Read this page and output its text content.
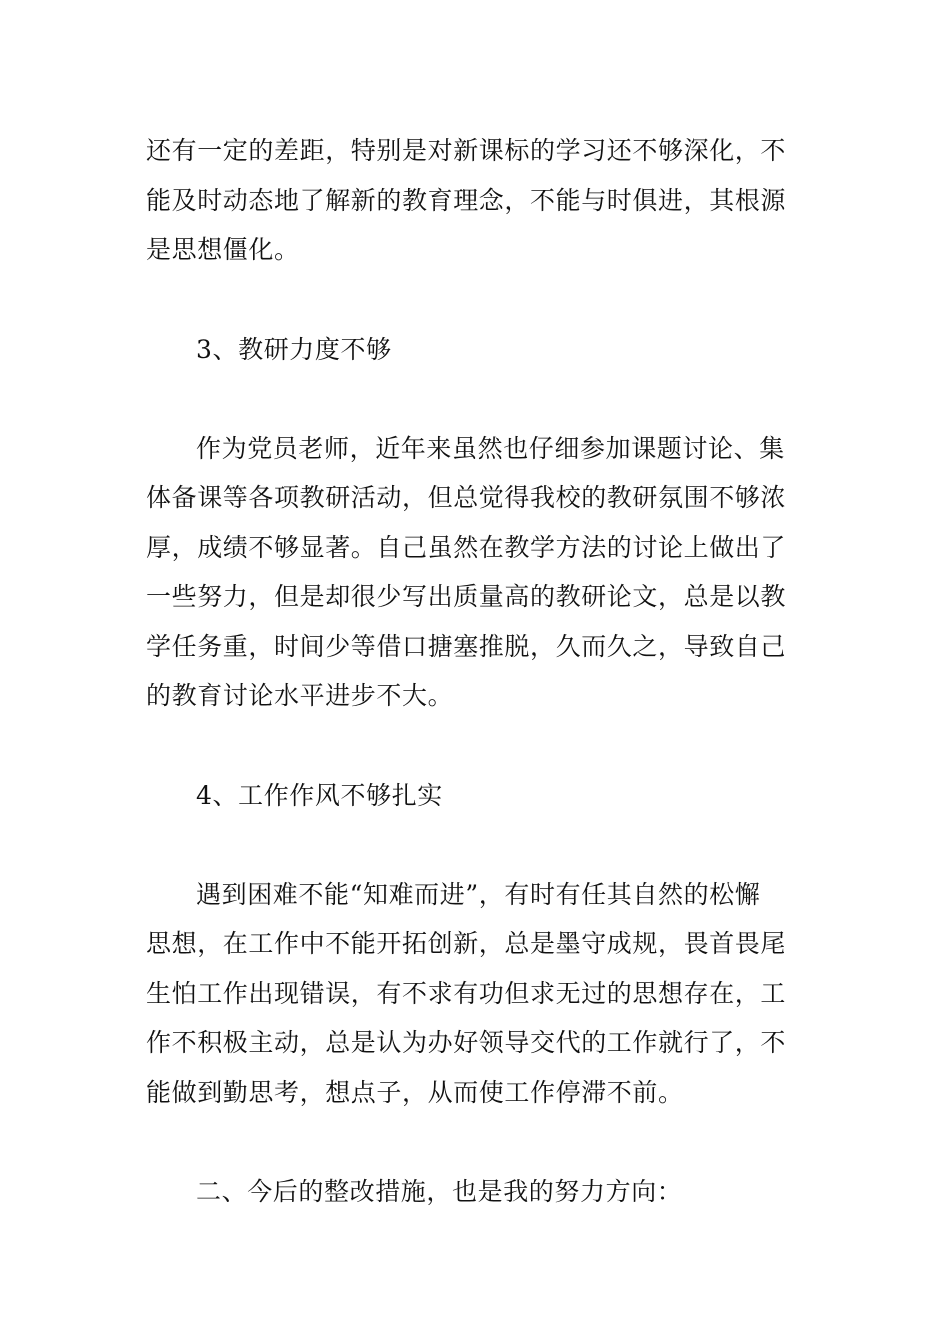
还有一定的差距，特别是对新课标的学习还不够深化，不
能及时动态地了解新的教育理念，不能与时俱进，其根源
是思想僵化。
3、教研力度不够
作为党员老师，近年来虽然也仔细参加课题讨论、集
体备课等各项教研活动，但总觉得我校的教研氛围不够浓
厚，成绩不够显著。自己虽然在教学方法的讨论上做出了
一些努力，但是却很少写出质量高的教研论文，总是以教
学任务重，时间少等借口搪塞推脱，久而久之，导致自己
的教育讨论水平进步不大。
4、工作作风不够扎实
遇到困难不能“知难而进”，有时有任其自然的松懈
思想，在工作中不能开拓创新，总是墨守成规，畏首畏尾
生怕工作出现错误，有不求有功但求无过的思想存在，工
作不积极主动，总是认为办好领导交代的工作就行了，不
能做到勤思考，想点子，从而使工作停滞不前。
二、今后的整改措施，也是我的努力方向：
